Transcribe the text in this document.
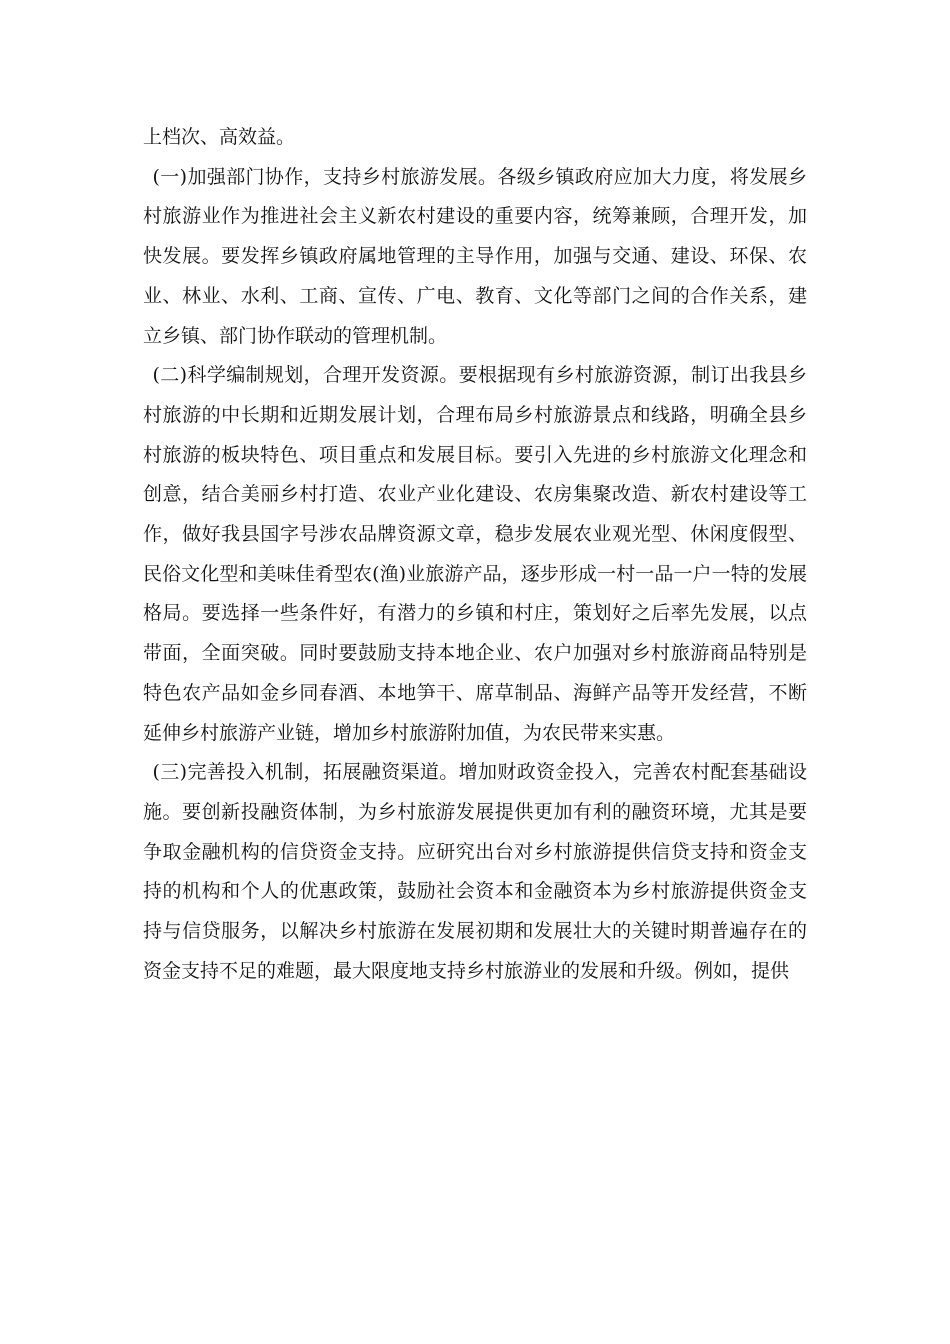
上档次、高效益。

(一)加强部门协作，支持乡村旅游发展。各级乡镇政府应加大力度，将发展乡村旅游业作为推进社会主义新农村建设的重要内容，统筹兼顾，合理开发，加快发展。要发挥乡镇政府属地管理的主导作用，加强与交通、建设、环保、农业、林业、水利、工商、宣传、广电、教育、文化等部门之间的合作关系，建立乡镇、部门协作联动的管理机制。

(二)科学编制规划，合理开发资源。要根据现有乡村旅游资源，制订出我县乡村旅游的中长期和近期发展计划，合理布局乡村旅游景点和线路，明确全县乡村旅游的板块特色、项目重点和发展目标。要引入先进的乡村旅游文化理念和创意，结合美丽乡村打造、农业产业化建设、农房集聚改造、新农村建设等工作，做好我县国字号涉农品牌资源文章，稳步发展农业观光型、休闲度假型、民俗文化型和美味佳肴型农(渔)业旅游产品，逐步形成一村一品一户一特的发展格局。要选择一些条件好，有潜力的乡镇和村庄，策划好之后率先发展，以点带面，全面突破。同时要鼓励支持本地企业、农户加强对乡村旅游商品特别是特色农产品如金乡同春酒、本地笋干、席草制品、海鲜产品等开发经营，不断延伸乡村旅游产业链，增加乡村旅游附加值，为农民带来实惠。

(三)完善投入机制，拓展融资渠道。增加财政资金投入，完善农村配套基础设施。要创新投融资体制，为乡村旅游发展提供更加有利的融资环境，尤其是要争取金融机构的信贷资金支持。应研究出台对乡村旅游提供信贷支持和资金支持的机构和个人的优惠政策，鼓励社会资本和金融资本为乡村旅游提供资金支持与信贷服务，以解决乡村旅游在发展初期和发展壮大的关键时期普遍存在的资金支持不足的难题，最大限度地支持乡村旅游业的发展和升级。例如，提供
